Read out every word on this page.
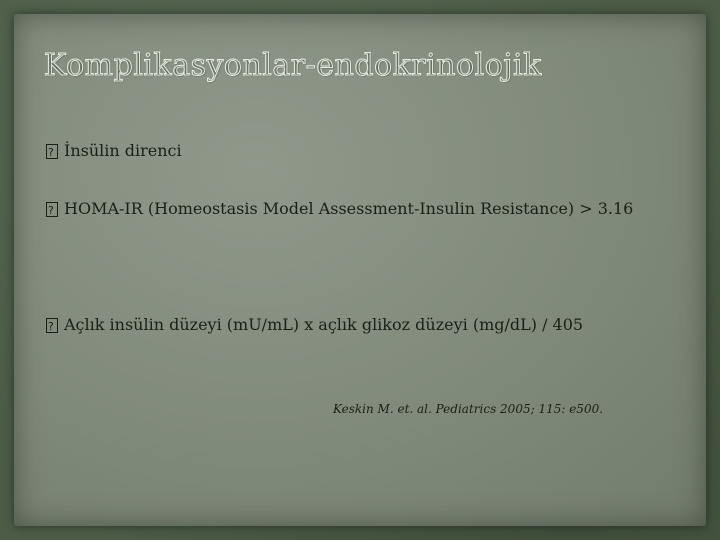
Komplikasyonlar-endokrinolojik
?
İnsülin direnci
?
HOMA-IR (Homeostasis Model Assessment-Insulin Resistance) > 3.16
?
Açlık insülin düzeyi (mU/mL) x açlık glikoz düzeyi (mg/dL) / 405
Keskin M. et. al. Pediatrics 2005; 115: e500.
